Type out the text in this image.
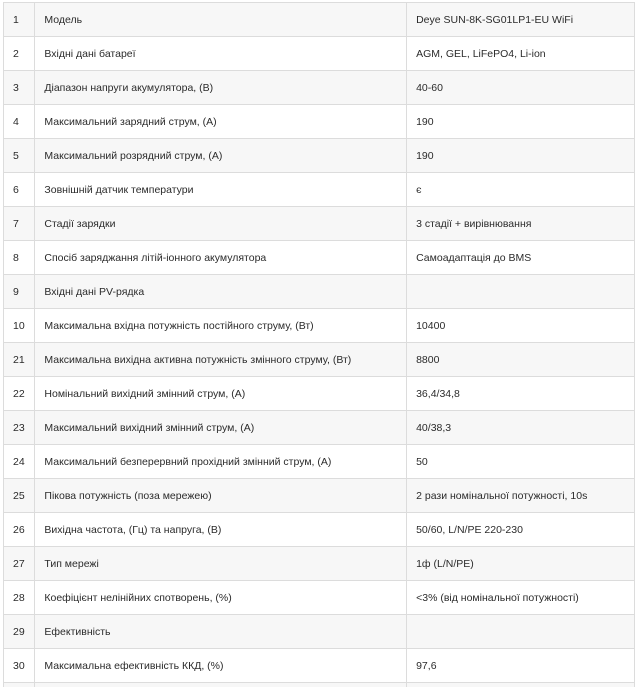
1	Модель	Deye SUN-8K-SG01LP1-EU WiFi
2	Вхідні дані батареї	AGM, GEL, LiFePO4, Li-ion
3	Діапазон напруги акумулятора, (В)	40-60
4	Максимальний зарядний струм, (А)	190
5	Максимальний розрядний струм, (А)	190
6	Зовнішній датчик температури	є
7	Стадії зарядки	3 стадії + вирівнювання
8	Спосіб заряджання літій-іонного акумулятора	Самоадаптація до BMS
9	Вхідні дані PV-рядка	
10	Максимальна вхідна потужність постійного струму, (Вт)	10400
21	Максимальна вихідна активна потужність змінного струму, (Вт)	8800
22	Номінальний вихідний змінний струм, (А)	36,4/34,8
23	Максимальний вихідний змінний струм, (А)	40/38,3
24	Максимальний безперервний прохідний змінний струм, (А)	50
25	Пікова потужність (поза мережею)	2 рази номінальної потужності, 10s
26	Вихідна частота, (Гц) та напруга, (В)	50/60, L/N/PE 220-230
27	Тип мережі	1ф (L/N/PE)
28	Коефіцієнт нелінійних спотворень, (%)	<3% (від номінальної потужності)
29	Ефективність	
30	Максимальна ефективність ККД, (%)	97,6
